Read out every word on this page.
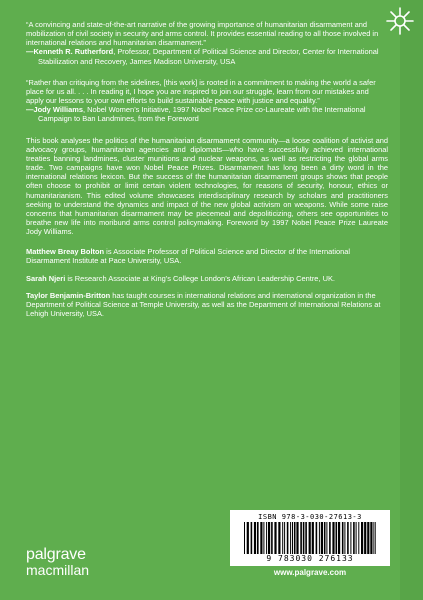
“A convincing and state-of-the-art narrative of the growing importance of humanitarian disarmament and mobilization of civil society in security and arms control. It provides essential reading to all those involved in international relations and humanitarian disarmament.”

—Kenneth R. Rutherford, Professor, Department of Political Science and Director, Center for International Stabilization and Recovery, James Madison University, USA

“Rather than critiquing from the sidelines, [this work] is rooted in a commitment to making the world a safer place for us all. . . . In reading it, I hope you are inspired to join our struggle, learn from our mistakes and apply our lessons to your own efforts to build sustainable peace with justice and equality.”

—Jody Williams, Nobel Women’s Initiative, 1997 Nobel Peace Prize co-Laureate with the International Campaign to Ban Landmines, from the Foreword

This book analyses the politics of the humanitarian disarmament community—a loose coalition of activist and advocacy groups, humanitarian agencies and diplomats—who have successfully achieved international treaties banning landmines, cluster munitions and nuclear weapons, as well as restricting the global arms trade. Two campaigns have won Nobel Peace Prizes. Disarmament has long been a dirty word in the international relations lexicon. But the success of the humanitarian disarmament groups shows that people often choose to prohibit or limit certain violent technologies, for reasons of security, honour, ethics or humanitarianism. This edited volume showcases interdisciplinary research by scholars and practitioners seeking to understand the dynamics and impact of the new global activism on weapons. While some raise concerns that humanitarian disarmament may be piecemeal and depoliticizing, others see opportunities to breathe new life into moribund arms control policymaking. Foreword by 1997 Nobel Peace Prize Laureate Jody Williams.

Matthew Breay Bolton is Associate Professor of Political Science and Director of the International Disarmament Institute at Pace University, USA.

Sarah Njeri is Research Associate at King’s College London’s African Leadership Centre, UK.

Taylor Benjamin-Britton has taught courses in international relations and international organization in the Department of Political Science at Temple University, as well as the Department of International Relations at Lehigh University, USA.

ISBN 978-3-030-27613-3
9 783030 276133
www.palgrave.com
palgrave
macmillan
